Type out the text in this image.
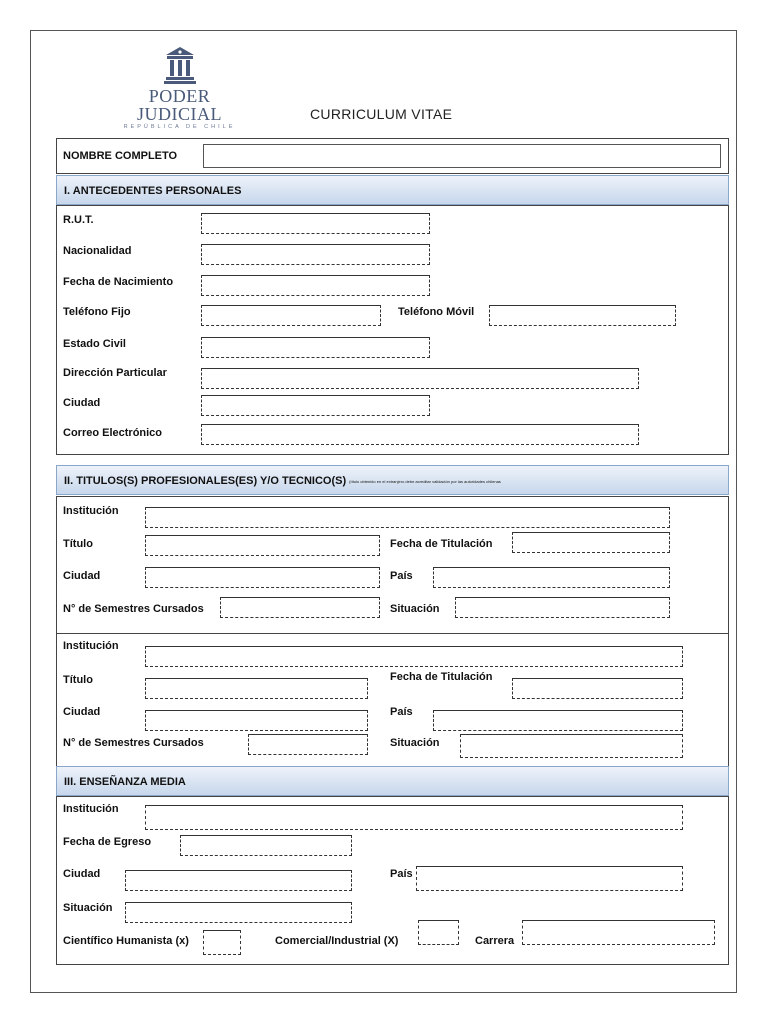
PODER JUDICIAL
REPÚBLICA DE CHILE
CURRICULUM VITAE
NOMBRE COMPLETO
I. ANTECEDENTES PERSONALES
R.U.T.
Nacionalidad
Fecha de Nacimiento
Teléfono Fijo	Teléfono Móvil
Estado Civil
Dirección Particular
Ciudad
Correo Electrónico
II. TITULOS(S) PROFESIONALES(ES) Y/O TECNICO(S) (título obtenido en el extranjero debe acreditar validación por las autoridades chilenas
Institución
Título	Fecha de Titulación
Ciudad	País
N° de Semestres Cursados	Situación
Institución
Título	Fecha de Titulación
Ciudad	País
N° de Semestres Cursados	Situación
III. ENSEÑANZA MEDIA
Institución
Fecha de Egreso
Ciudad	País
Situación
Científico Humanista (x)	Comercial/Industrial (X)	Carrera
